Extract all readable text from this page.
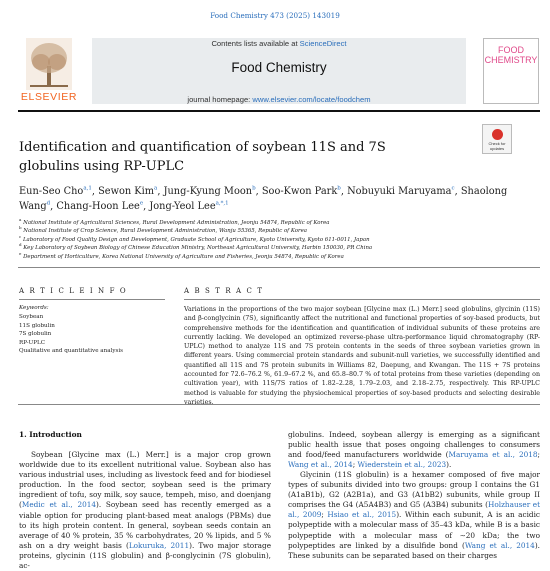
Food Chemistry 473 (2025) 143019
ELSEVIER
Contents lists available at ScienceDirect
Food Chemistry
journal homepage: www.elsevier.com/locate/foodchem
FOOD
CHEMISTRY
Identification and quantification of soybean 11S and 7S globulins using RP-UPLC
Check for updates
Eun-Seo Cho$^{a,1}$, Sewon Kim$^a$, Jung-Kyung Moon$^b$, Soo-Kwon Park$^b$, Nobuyuki Maruyama$^c$, Shaolong Wang$^d$, Chang-Hoon Lee$^e$, Jong-Yeol Lee$^{a,*,1}$
$^a$ National Institute of Agricultural Sciences, Rural Development Administration, Jeonju 54874, Republic of Korea
$^b$ National Institute of Crop Science, Rural Development Administration, Wanju 55365, Republic of Korea
$^c$ Laboratory of Food Quality Design and Development, Graduate School of Agriculture, Kyoto University, Kyoto 611-0011, Japan
$^d$ Key Laboratory of Soybean Biology of Chinese Education Ministry, Northeast Agricultural University, Harbin 150030, PR China
$^e$ Department of Horticulture, Korea National University of Agriculture and Fisheries, Jeonju 54874, Republic of Korea
A R T I C L E I N F O
Keywords:
Soybean
11S globulin
7S globulin
RP-UPLC
Qualitative and quantitative analysis
A B S T R A C T
Variations in the proportions of the two major soybean [Glycine max (L.) Merr.] seed globulins, glycinin (11S) and β-conglycinin (7S), significantly affect the nutritional and functional properties of soy-based products, but comprehensive methods for the identification and quantification of individual subunits of these proteins are currently lacking. We developed an optimized reverse-phase ultra-performance liquid chromatography (RP-UPLC) method to analyze 11S and 7S protein contents in the seeds of three soybean varieties grown in different years. Using commercial protein standards and subunit-null varieties, we successfully identified and quantified all 11S and 7S protein subunits in Williams 82, Daepung, and Kwangan. The 11S + 7S proteins accounted for 72.6–76.2 %, 61.9–67.2 %, and 65.8–80.7 % of total proteins from these varieties (depending on cultivation year), with 11S/7S ratios of 1.82–2.28, 1.79–2.03, and 2.18–2.75, respectively. This RP-UPLC method is valuable for studying the physiochemical properties of soy-based products and selecting desirable varieties.
1. Introduction
Soybean [Glycine max (L.) Merr.] is a major crop grown worldwide due to its excellent nutritional value. Soybean also has various industrial uses, including as livestock feed and for biodiesel production. In the food sector, soybean seed is the primary ingredient of tofu, soy milk, soy sauce, tempeh, miso, and doenjang (Medic et al., 2014). Soybean seed has recently emerged as a viable option for producing plant-based meat analogs (PBMs) due to its high protein content. In general, soybean seeds contain an average of 40 % protein, 35 % carbohydrates, 20 % lipids, and 5 % ash on a dry weight basis (Lokuruka, 2011). Two major storage proteins, glycinin (11S globulin) and β-conglycinin (7S globulin), ac-
globulins. Indeed, soybean allergy is emerging as a significant public health issue that poses ongoing challenges to consumers and food/feed manufacturers worldwide (Maruyama et al., 2018; Wang et al., 2014; Wiederstein et al., 2023).
Glycinin (11S globulin) is a hexamer composed of five major types of subunits divided into two groups: group I contains the G1 (A1aB1b), G2 (A2B1a), and G3 (A1bB2) subunits, while group II comprises the G4 (A5A4B3) and G5 (A3B4) subunits (Holzhauser et al., 2009; Hsiao et al., 2015). Within each subunit, A is an acidic polypeptide with a molecular mass of 35–43 kDa, while B is a basic polypeptide with a molecular mass of ∼20 kDa; the two polypeptides are linked by a disulfide bond (Wang et al., 2014). These subunits can be separated based on their charges
